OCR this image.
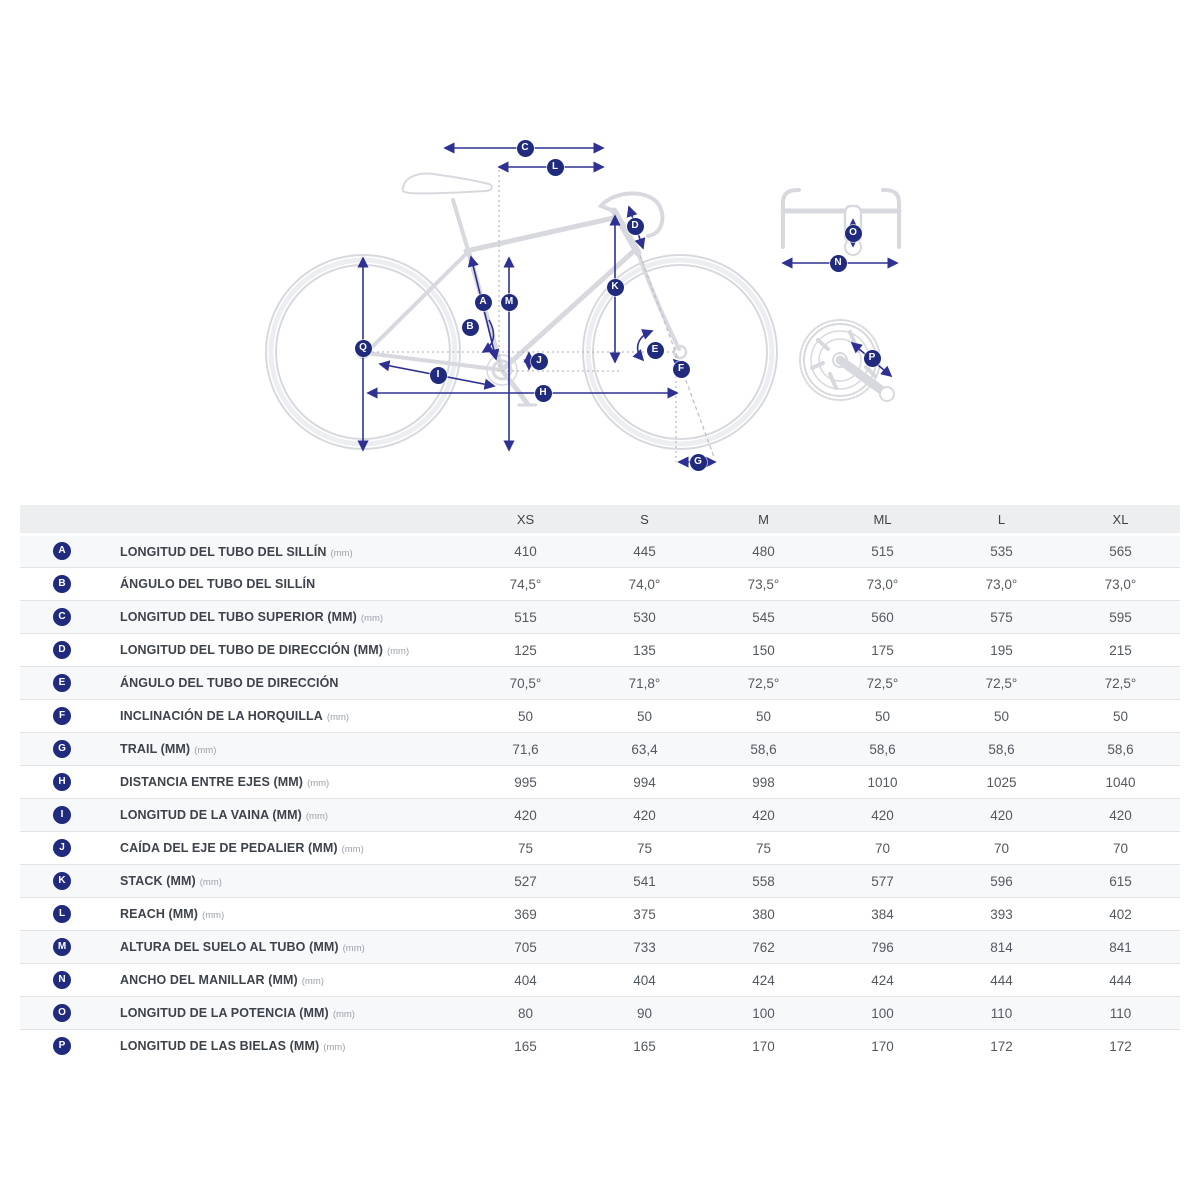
C
L
A	M
B
Q
I
J
H
K
D
E
F
G
O
N
P
		XS	S	M	ML	L	XL
A	LONGITUD DEL TUBO DEL SILLÍN (mm)	410	445	480	515	535	565
B	ÁNGULO DEL TUBO DEL SILLÍN	74,5°	74,0°	73,5°	73,0°	73,0°	73,0°
C	LONGITUD DEL TUBO SUPERIOR (MM) (mm)	515	530	545	560	575	595
D	LONGITUD DEL TUBO DE DIRECCIÓN (MM) (mm)	125	135	150	175	195	215
E	ÁNGULO DEL TUBO DE DIRECCIÓN	70,5°	71,8°	72,5°	72,5°	72,5°	72,5°
F	INCLINACIÓN DE LA HORQUILLA (mm)	50	50	50	50	50	50
G	TRAIL (MM) (mm)	71,6	63,4	58,6	58,6	58,6	58,6
H	DISTANCIA ENTRE EJES (MM) (mm)	995	994	998	1010	1025	1040
I	LONGITUD DE LA VAINA (MM) (mm)	420	420	420	420	420	420
J	CAÍDA DEL EJE DE PEDALIER (MM) (mm)	75	75	75	70	70	70
K	STACK (MM) (mm)	527	541	558	577	596	615
L	REACH (MM) (mm)	369	375	380	384	393	402
M	ALTURA DEL SUELO AL TUBO (MM) (mm)	705	733	762	796	814	841
N	ANCHO DEL MANILLAR (MM) (mm)	404	404	424	424	444	444
O	LONGITUD DE LA POTENCIA (MM) (mm)	80	90	100	100	110	110
P	LONGITUD DE LAS BIELAS (MM) (mm)	165	165	170	170	172	172
